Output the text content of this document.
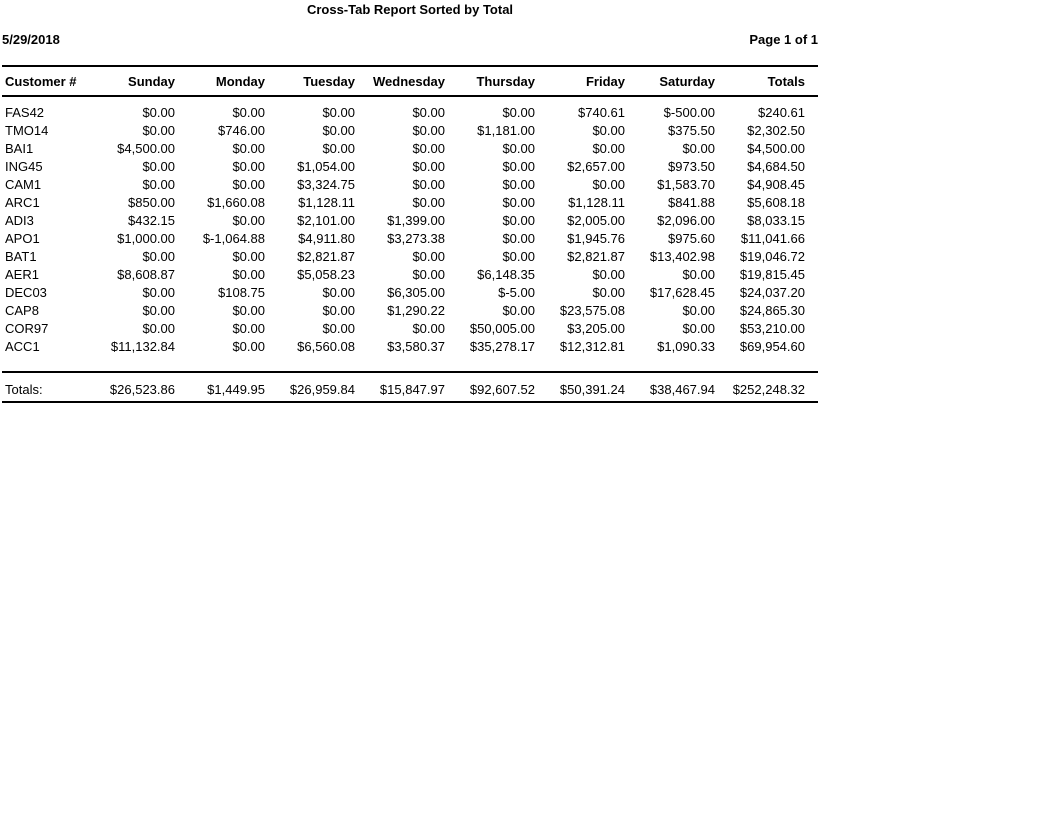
Cross-Tab Report Sorted by Total
5/29/2018	Page 1 of 1
Customer #	Sunday	Monday	Tuesday	Wednesday	Thursday	Friday	Saturday	Totals
FAS42	$0.00	$0.00	$0.00	$0.00	$0.00	$740.61	$-500.00	$240.61
TMO14	$0.00	$746.00	$0.00	$0.00	$1,181.00	$0.00	$375.50	$2,302.50
BAI1	$4,500.00	$0.00	$0.00	$0.00	$0.00	$0.00	$0.00	$4,500.00
ING45	$0.00	$0.00	$1,054.00	$0.00	$0.00	$2,657.00	$973.50	$4,684.50
CAM1	$0.00	$0.00	$3,324.75	$0.00	$0.00	$0.00	$1,583.70	$4,908.45
ARC1	$850.00	$1,660.08	$1,128.11	$0.00	$0.00	$1,128.11	$841.88	$5,608.18
ADI3	$432.15	$0.00	$2,101.00	$1,399.00	$0.00	$2,005.00	$2,096.00	$8,033.15
APO1	$1,000.00	$-1,064.88	$4,911.80	$3,273.38	$0.00	$1,945.76	$975.60	$11,041.66
BAT1	$0.00	$0.00	$2,821.87	$0.00	$0.00	$2,821.87	$13,402.98	$19,046.72
AER1	$8,608.87	$0.00	$5,058.23	$0.00	$6,148.35	$0.00	$0.00	$19,815.45
DEC03	$0.00	$108.75	$0.00	$6,305.00	$-5.00	$0.00	$17,628.45	$24,037.20
CAP8	$0.00	$0.00	$0.00	$1,290.22	$0.00	$23,575.08	$0.00	$24,865.30
COR97	$0.00	$0.00	$0.00	$0.00	$50,005.00	$3,205.00	$0.00	$53,210.00
ACC1	$11,132.84	$0.00	$6,560.08	$3,580.37	$35,278.17	$12,312.81	$1,090.33	$69,954.60
Totals:	$26,523.86	$1,449.95	$26,959.84	$15,847.97	$92,607.52	$50,391.24	$38,467.94	$252,248.32
